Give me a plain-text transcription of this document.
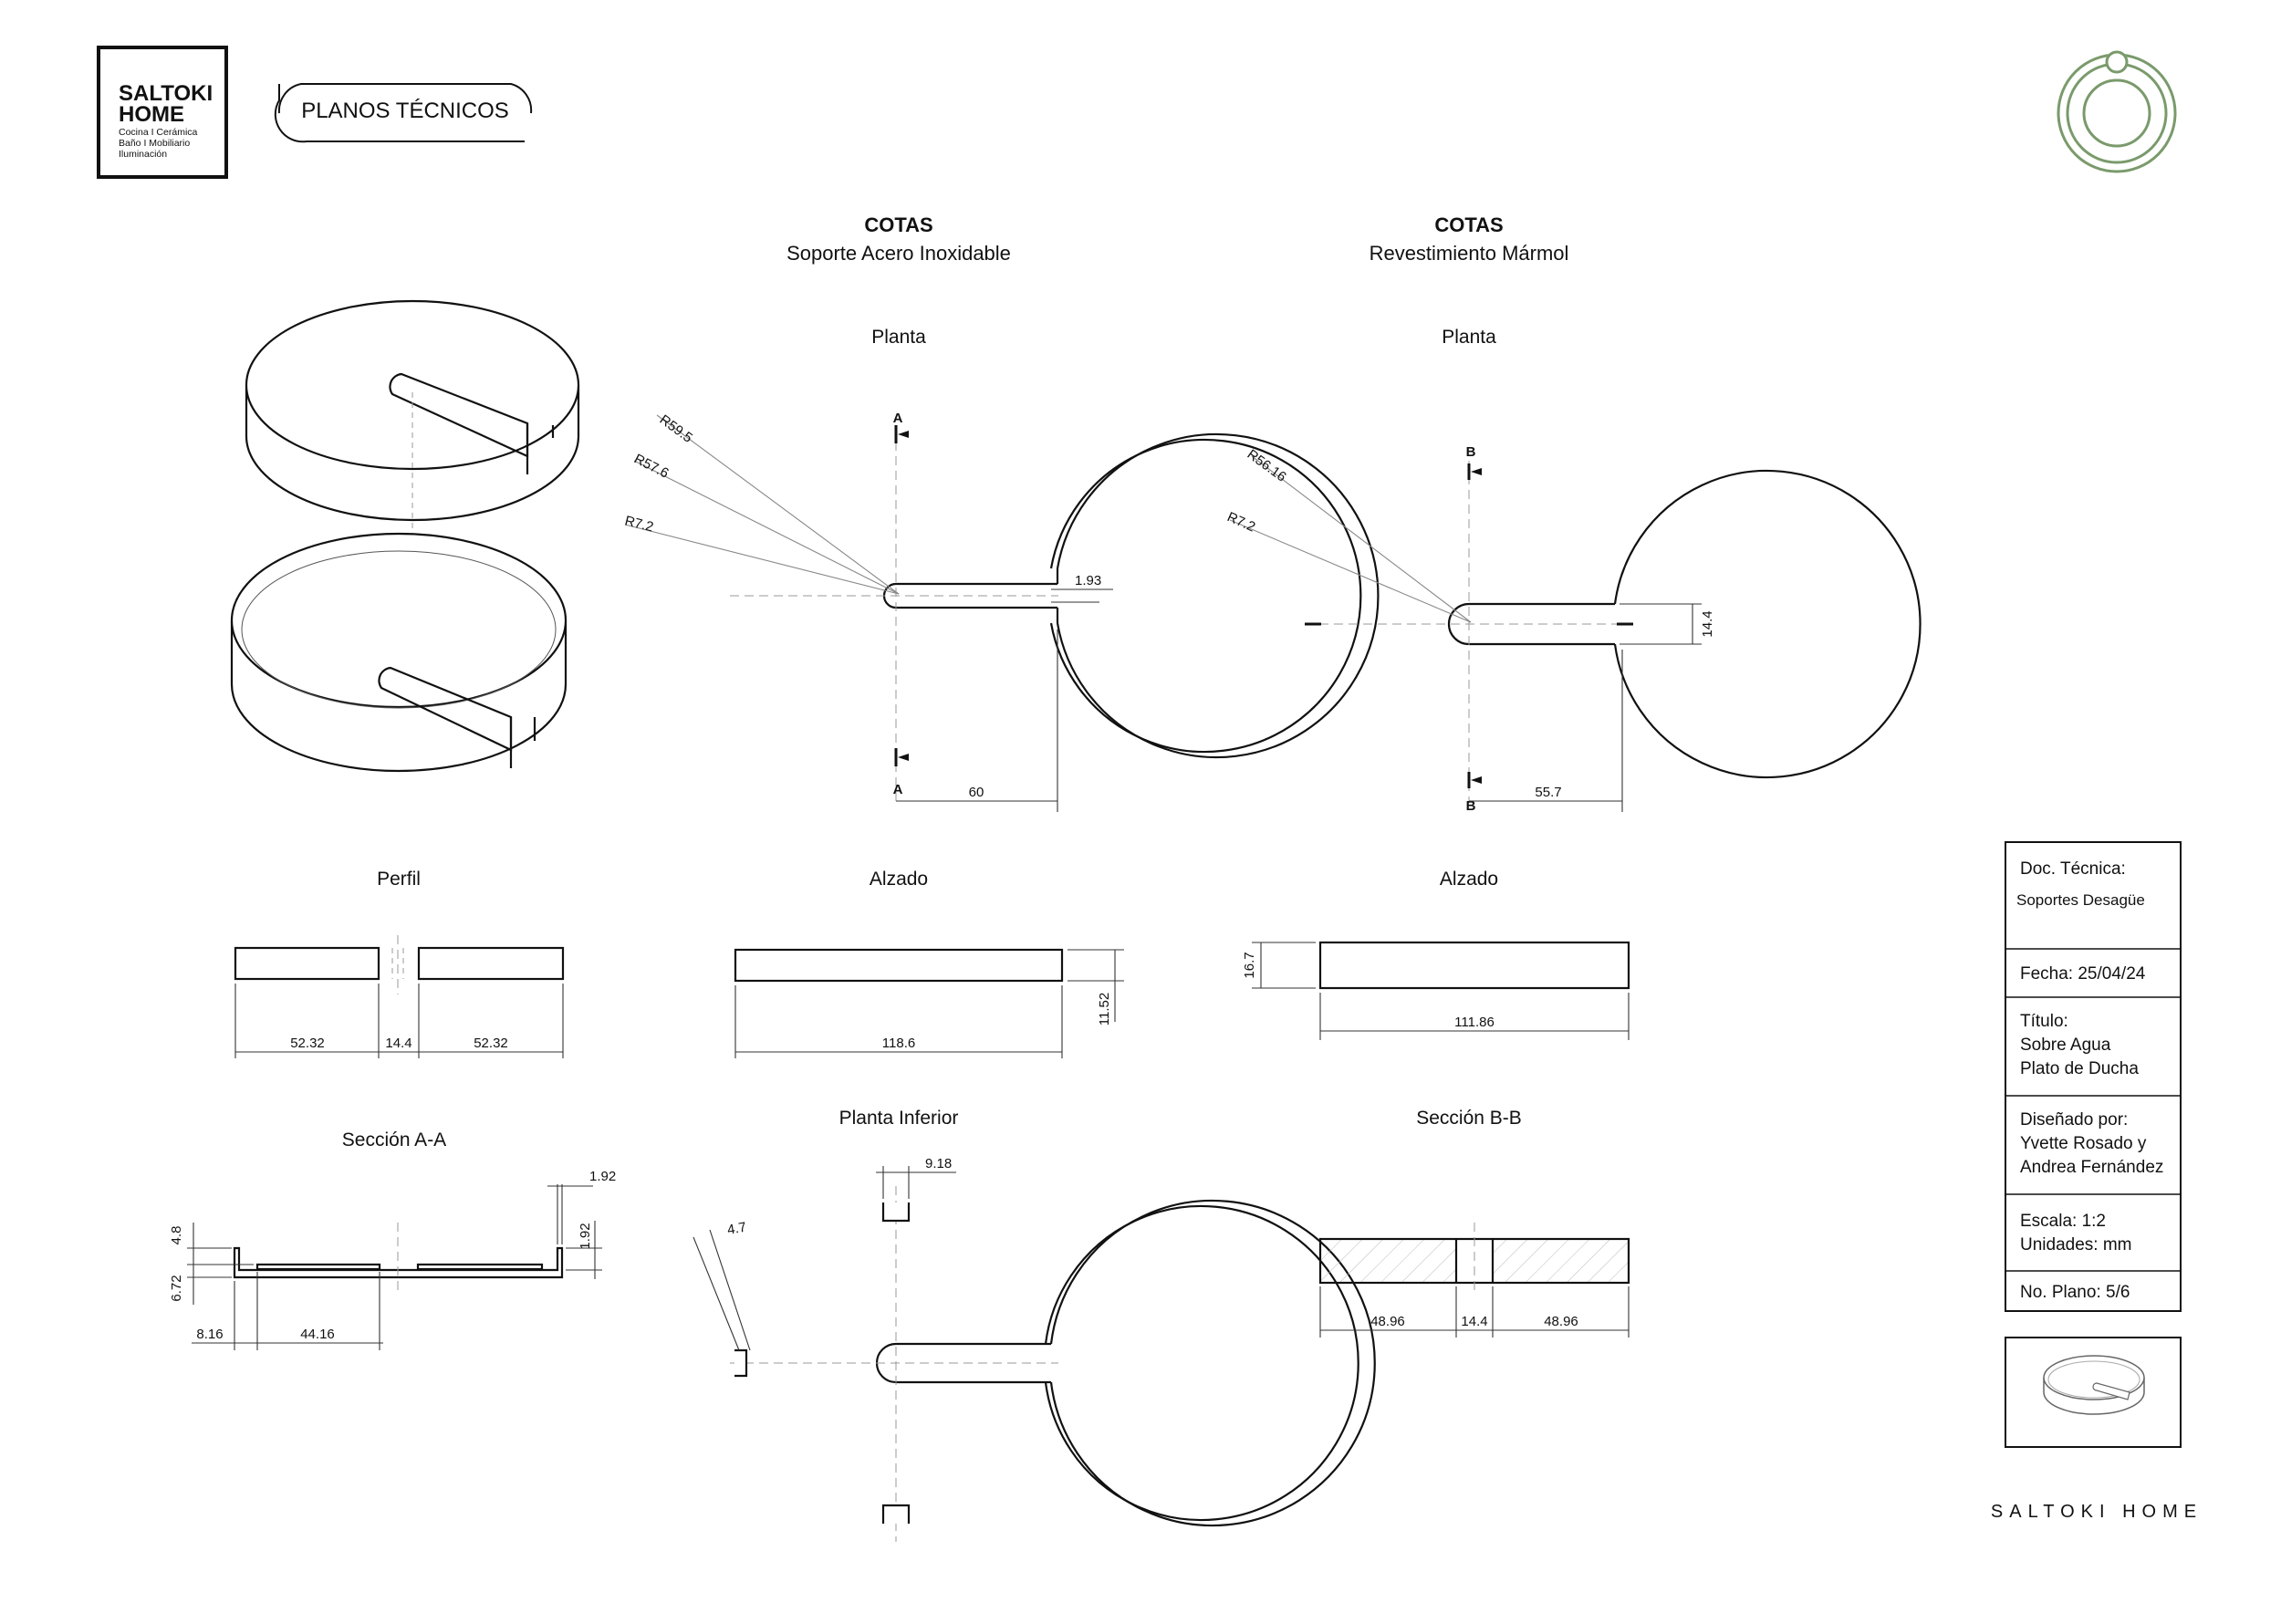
SALTOKI
HOME
Cocina I Cerámica
Baño I Mobiliario
Iluminación
PLANOS TÉCNICOS
COTAS
Soporte Acero Inoxidable
COTAS
Revestimiento Mármol
Planta	Planta
Perfil	Alzado	Alzado
Sección A-A
Planta Inferior	Sección B-B
A
A
R59.5
R57.6
R7.2
1.93
60
B
B
R56.16
R7.2
14.4
55.7
52.32	14.4	52.32	118.6
11.52
16.7
111.86
1.92
1.92
4.8
6.72
8.16	44.16
9.18
4.7
48.96	14.4	48.96
Doc. Técnica:
Soportes Desagüe
Fecha: 25/04/24
Título:
Sobre Agua
Plato de Ducha
Diseñado por:
Yvette Rosado y
Andrea Fernández
Escala: 1:2
Unidades: mm
No. Plano: 5/6
SALTOKI HOME
